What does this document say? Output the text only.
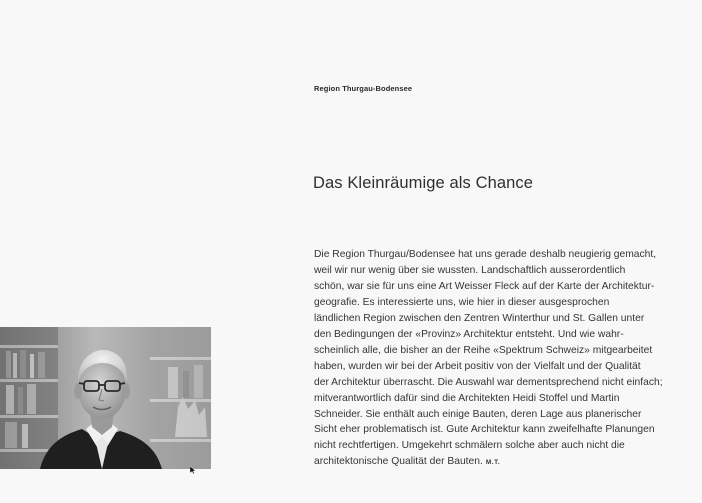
Region Thurgau-Bodensee
Das Kleinräumige als Chance

Die Region Thurgau/Bodensee hat uns gerade deshalb neugierig gemacht,
weil wir nur wenig über sie wussten. Landschaftlich ausserordentlich
schön, war sie für uns eine Art Weisser Fleck auf der Karte der Architektur-
geografie. Es interessierte uns, wie hier in dieser ausgesprochen
ländlichen Region zwischen den Zentren Winterthur und St. Gallen unter
den Bedingungen der «Provinz» Architektur entsteht. Und wie wahr-
scheinlich alle, die bisher an der Reihe «Spektrum Schweiz» mitgearbeitet
haben, wurden wir bei der Arbeit positiv von der Vielfalt und der Qualität
der Architektur überrascht. Die Auswahl war dementsprechend nicht einfach;
mitverantwortlich dafür sind die Architekten Heidi Stoffel und Martin
Schneider. Sie enthält auch einige Bauten, deren Lage aus planerischer
Sicht eher problematisch ist. Gute Architektur kann zweifelhafte Planungen
nicht rechtfertigen. Umgekehrt schmälern solche aber auch nicht die
architektonische Qualität der Bauten. M.T.
